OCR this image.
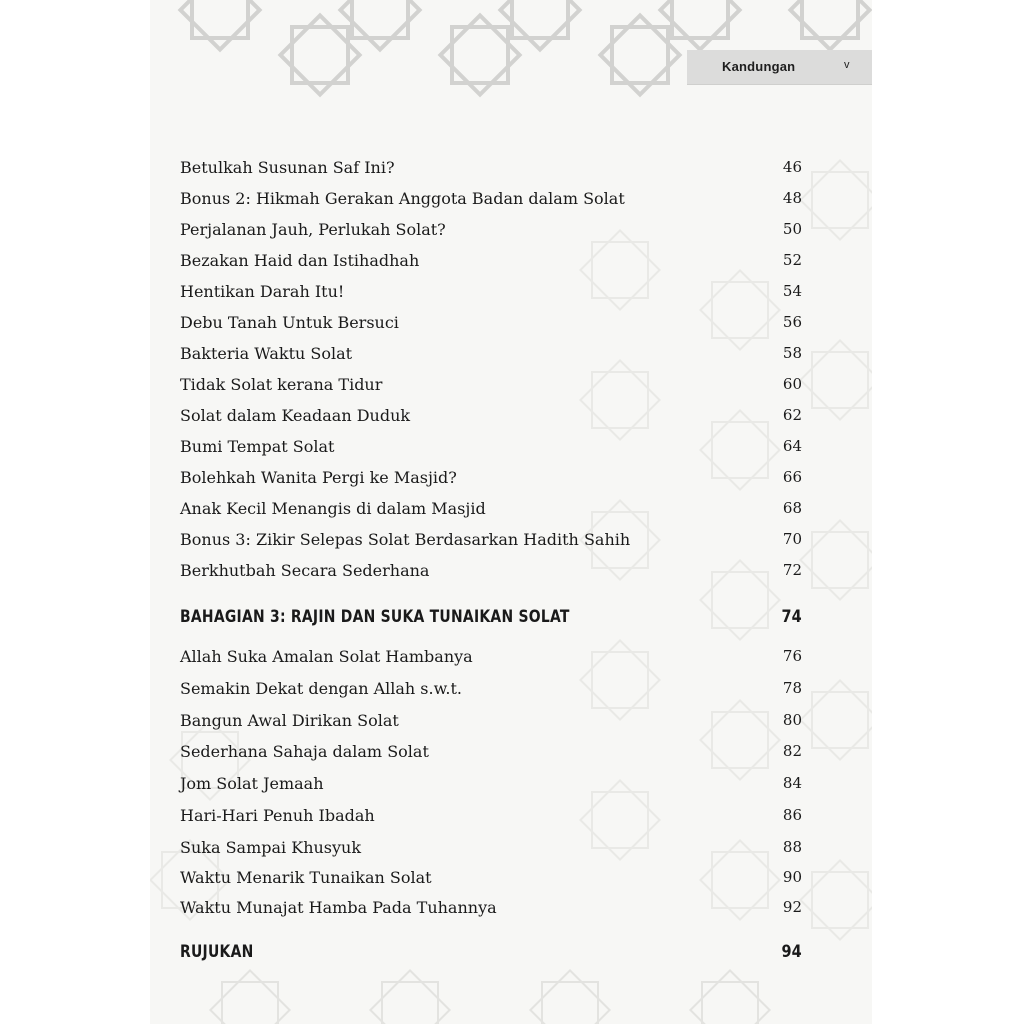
Kandungan	v
Betulkah Susunan Saf Ini?	46
Bonus 2: Hikmah Gerakan Anggota Badan dalam Solat	48
Perjalanan Jauh, Perlukah Solat?	50
Bezakan Haid dan Istihadhah	52
Hentikan Darah Itu!	54
Debu Tanah Untuk Bersuci	56
Bakteria Waktu Solat	58
Tidak Solat kerana Tidur	60
Solat dalam Keadaan Duduk	62
Bumi Tempat Solat	64
Bolehkah Wanita Pergi ke Masjid?	66
Anak Kecil Menangis di dalam Masjid	68
Bonus 3: Zikir Selepas Solat Berdasarkan Hadith Sahih	70
Berkhutbah Secara Sederhana	72
BAHAGIAN 3: RAJIN DAN SUKA TUNAIKAN SOLAT	74
Allah Suka Amalan Solat Hambanya	76
Semakin Dekat dengan Allah s.w.t.	78
Bangun Awal Dirikan Solat	80
Sederhana Sahaja dalam Solat	82
Jom Solat Jemaah	84
Hari-Hari Penuh Ibadah	86
Suka Sampai Khusyuk	88
Waktu Menarik Tunaikan Solat	90
Waktu Munajat Hamba Pada Tuhannya	92
RUJUKAN	94
